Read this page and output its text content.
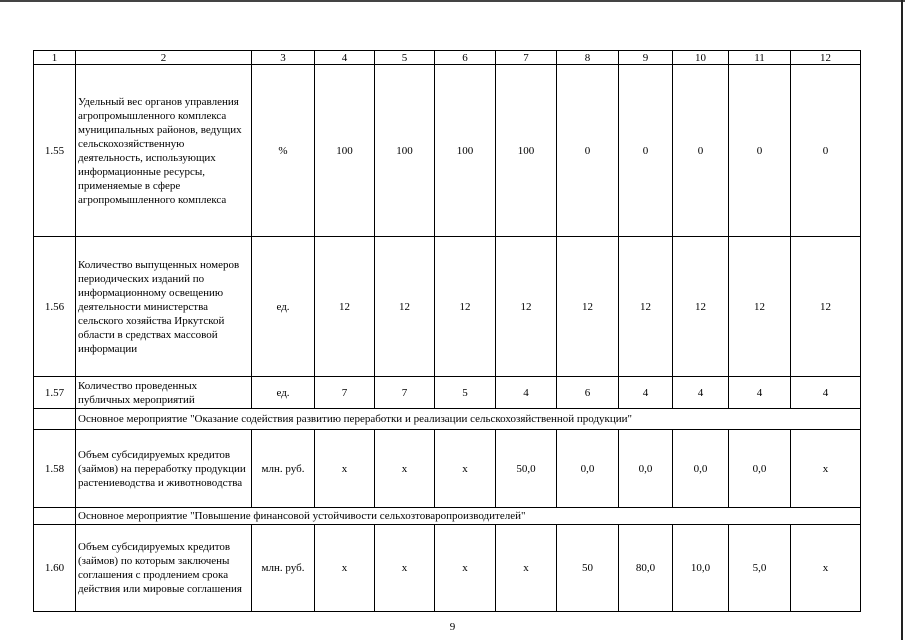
1	2	3	4	5	6	7	8	9	10	11	12
1.55	Удельный вес органов управления агропромышленного комплекса муниципальных районов, ведущих сельскохозяйственную деятельность, использующих информационные ресурсы, применяемые в сфере агропромышленного комплекса	%	100	100	100	100	0	0	0	0	0
1.56	Количество выпущенных номеров периодических изданий по информационному освещению деятельности министерства сельского хозяйства Иркутской области в средствах массовой информации	ед.	12	12	12	12	12	12	12	12	12
1.57	Количество проведенных публичных мероприятий	ед.	7	7	5	4	6	4	4	4	4
	Основное мероприятие "Оказание содействия развитию переработки и реализации сельскохозяйственной продукции"										
1.58	Объем субсидируемых кредитов (займов) на переработку продукции растениеводства и животноводства	млн. руб.	х	х	х	50,0	0,0	0,0	0,0	0,0	х
	Основное мероприятие "Повышение финансовой устойчивости сельхозтоваропроизводителей"										
1.60	Объем субсидируемых кредитов (займов) по которым заключены соглашения с продлением срока действия или мировые соглашения	млн. руб.	х	х	х	х	50	80,0	10,0	5,0	х
9
